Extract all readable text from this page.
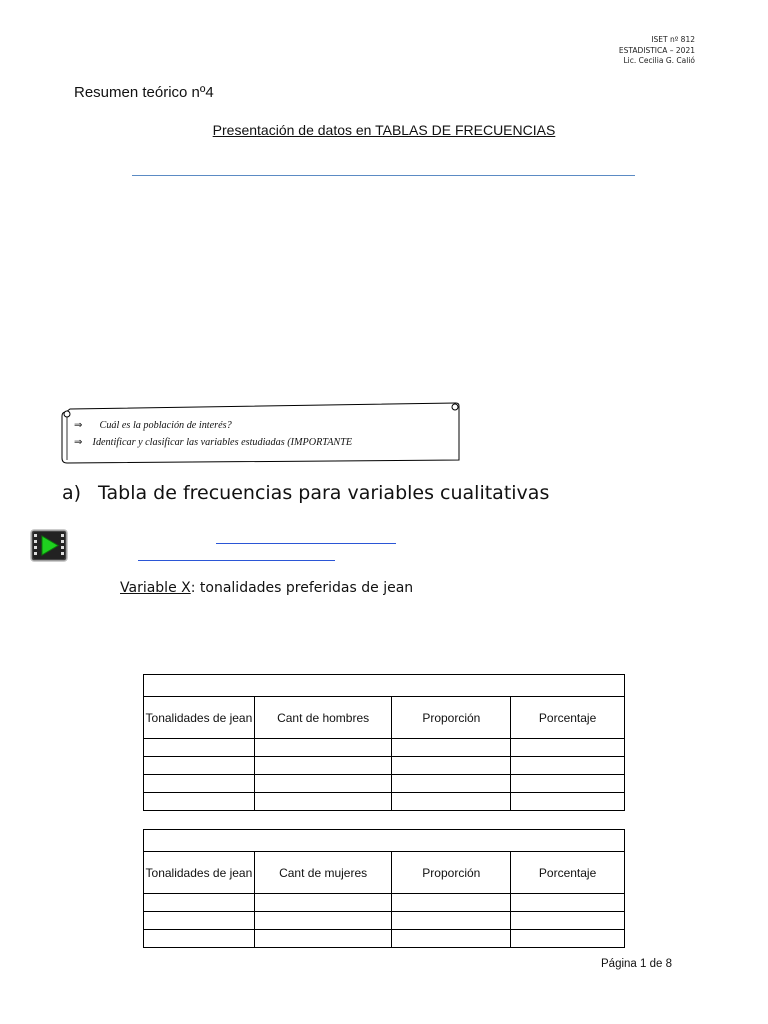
ISET nº 812
ESTADISTICA – 2021
Lic. Cecilia G. Calió
Resumen teórico nº4
Presentación de datos en TABLAS DE FRECUENCIAS
⇒ Cuál es la población de interés?
⇒ Identificar y clasificar las variables estudiadas (IMPORTANTE
a) Tabla de frecuencias para variables cualitativas
Variable X: tonalidades preferidas de jean

Tonalidades de jean	Cant de hombres	Proporción	Porcentaje

Tonalidades de jean	Cant de mujeres	Proporción	Porcentaje

Página 1 de 8
